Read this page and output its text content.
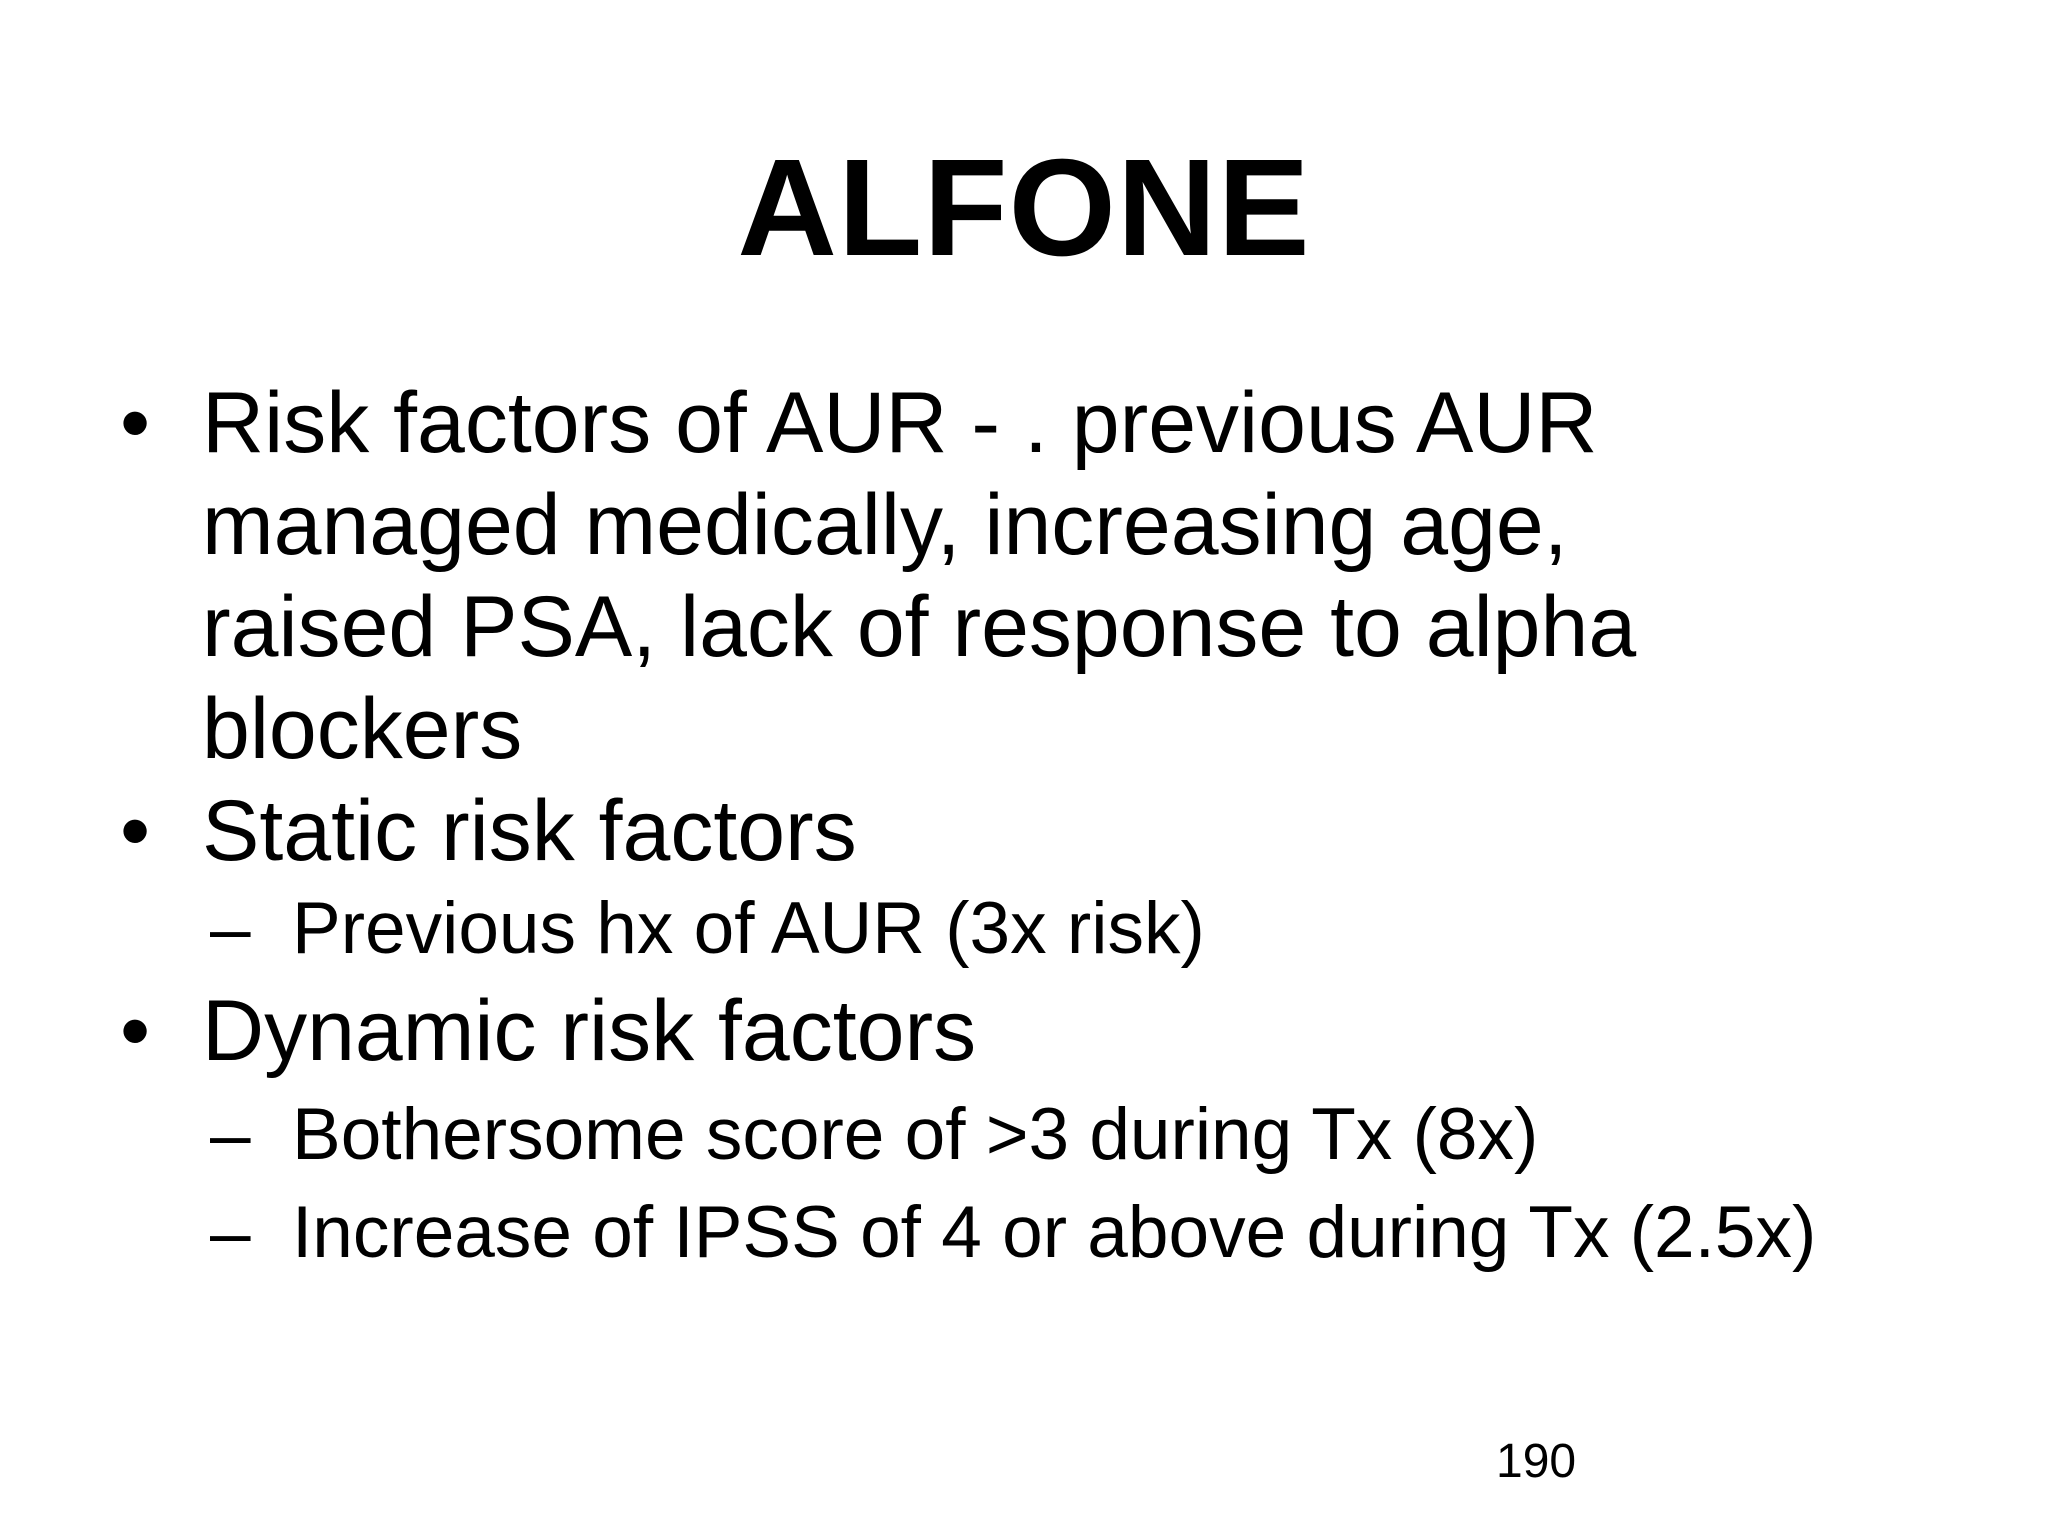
ALFONE
• Risk factors of AUR - . previous AUR managed medically, increasing age, raised PSA, lack of response to alpha blockers
• Static risk factors
– Previous hx of AUR (3x risk)
• Dynamic risk factors
– Bothersome score of >3 during Tx (8x)
– Increase of IPSS of 4 or above during Tx (2.5x)
190
